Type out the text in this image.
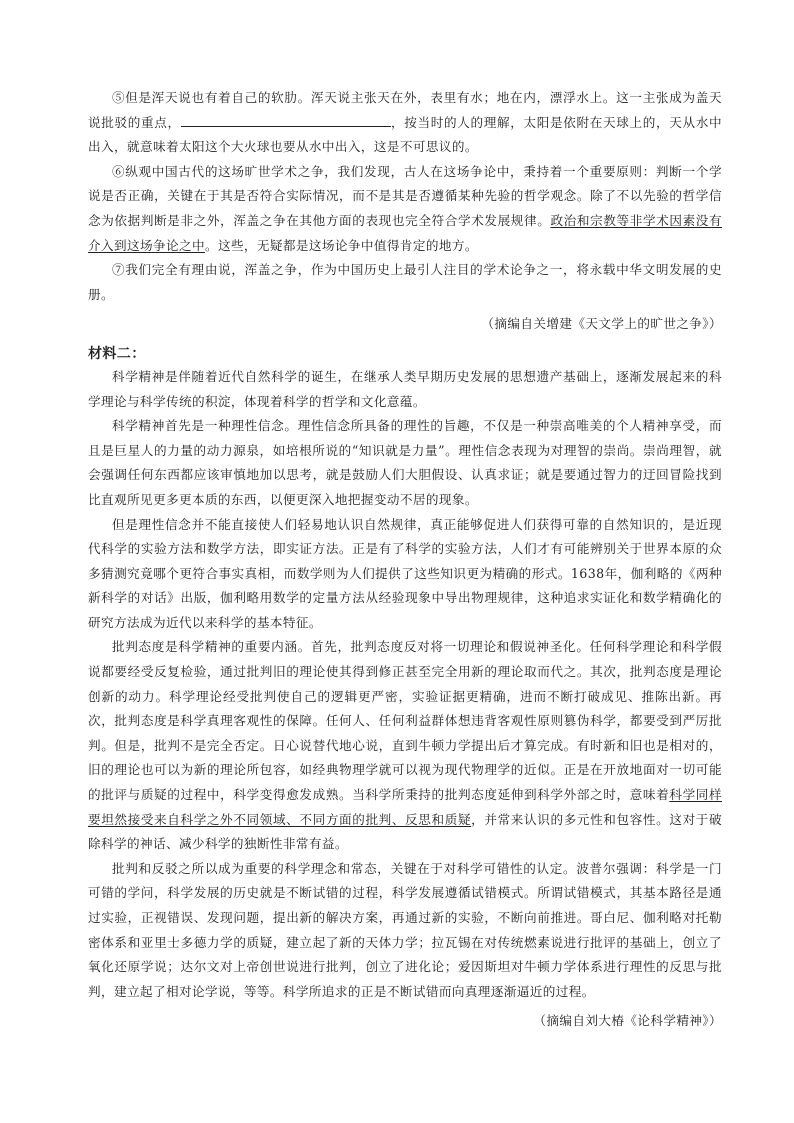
⑤但是浑天说也有着自己的软肋。浑天说主张天在外，表里有水；地在内，漂浮水上。这一主张成为盖天说批驳的重点，	，按当时的人的理解，太阳是依附在天球上的，天从水中出入，就意味着太阳这个大火球也要从水中出入，这是不可思议的。

⑥纵观中国古代的这场旷世学术之争，我们发现，古人在这场争论中，秉持着一个重要原则：判断一个学说是否正确，关键在于其是否符合实际情况，而不是其是否遵循某种先验的哲学观念。除了不以先验的哲学信念为依据判断是非之外，浑盖之争在其他方面的表现也完全符合学术发展规律。政治和宗教等非学术因素没有介入到这场争论之中。这些，无疑都是这场论争中值得肯定的地方。

⑦我们完全有理由说，浑盖之争，作为中国历史上最引人注目的学术论争之一，将永载中华文明发展的史册。

（摘编自关增建《天文学上的旷世之争》）

材料二：

科学精神是伴随着近代自然科学的诞生，在继承人类早期历史发展的思想遗产基础上，逐渐发展起来的科学理论与科学传统的积淀，体现着科学的哲学和文化意蕴。

科学精神首先是一种理性信念。理性信念所具备的理性的旨趣，不仅是一种崇高唯美的个人精神享受，而且是巨星人的力量的动力源泉，如培根所说的“知识就是力量”。理性信念表现为对理智的崇尚。崇尚理智，就会强调任何东西都应该审慎地加以思考，就是鼓励人们大胆假设、认真求证；就是要通过智力的迂回冒险找到比直观所见更多更本质的东西，以便更深入地把握变动不居的现象。

但是理性信念并不能直接使人们轻易地认识自然规律，真正能够促进人们获得可靠的自然知识的，是近现代科学的实验方法和数学方法，即实证方法。正是有了科学的实验方法，人们才有可能辨别关于世界本原的众多猜测究竟哪个更符合事实真相，而数学则为人们提供了这些知识更为精确的形式。1638年，伽利略的《两种新科学的对话》出版，伽利略用数学的定量方法从经验现象中导出物理规律，这种追求实证化和数学精确化的研究方法成为近代以来科学的基本特征。

批判态度是科学精神的重要内涵。首先，批判态度反对将一切理论和假说神圣化。任何科学理论和科学假说都要经受反复检验，通过批判旧的理论使其得到修正甚至完全用新的理论取而代之。其次，批判态度是理论创新的动力。科学理论经受批判使自己的逻辑更严密，实验证据更精确，进而不断打破成见、推陈出新。再次，批判态度是科学真理客观性的保障。任何人、任何利益群体想违背客观性原则篡伪科学，都要受到严厉批判。但是，批判不是完全否定。日心说替代地心说，直到牛顿力学提出后才算完成。有时新和旧也是相对的，旧的理论也可以为新的理论所包容，如经典物理学就可以视为现代物理学的近似。正是在开放地面对一切可能的批评与质疑的过程中，科学变得愈发成熟。当科学所秉持的批判态度延伸到科学外部之时，意味着科学同样要坦然接受来自科学之外不同领域、不同方面的批判、反思和质疑，并常来认识的多元性和包容性。这对于破除科学的神话、减少科学的独断性非常有益。

批判和反驳之所以成为重要的科学理念和常态，关键在于对科学可错性的认定。波普尔强调：科学是一门可错的学问，科学发展的历史就是不断试错的过程，科学发展遵循试错模式。所谓试错模式，其基本路径是通过实验，正视错误、发现问题，提出新的解决方案，再通过新的实验，不断向前推进。哥白尼、伽利略对托勒密体系和亚里士多德力学的质疑，建立起了新的天体力学；拉瓦锡在对传统燃素说进行批评的基础上，创立了氧化还原学说；达尔文对上帝创世说进行批判，创立了进化论；爱因斯坦对牛顿力学体系进行理性的反思与批判，建立起了相对论学说，等等。科学所追求的正是不断试错而向真理逐渐逼近的过程。

（摘编自刘大椿《论科学精神》）
